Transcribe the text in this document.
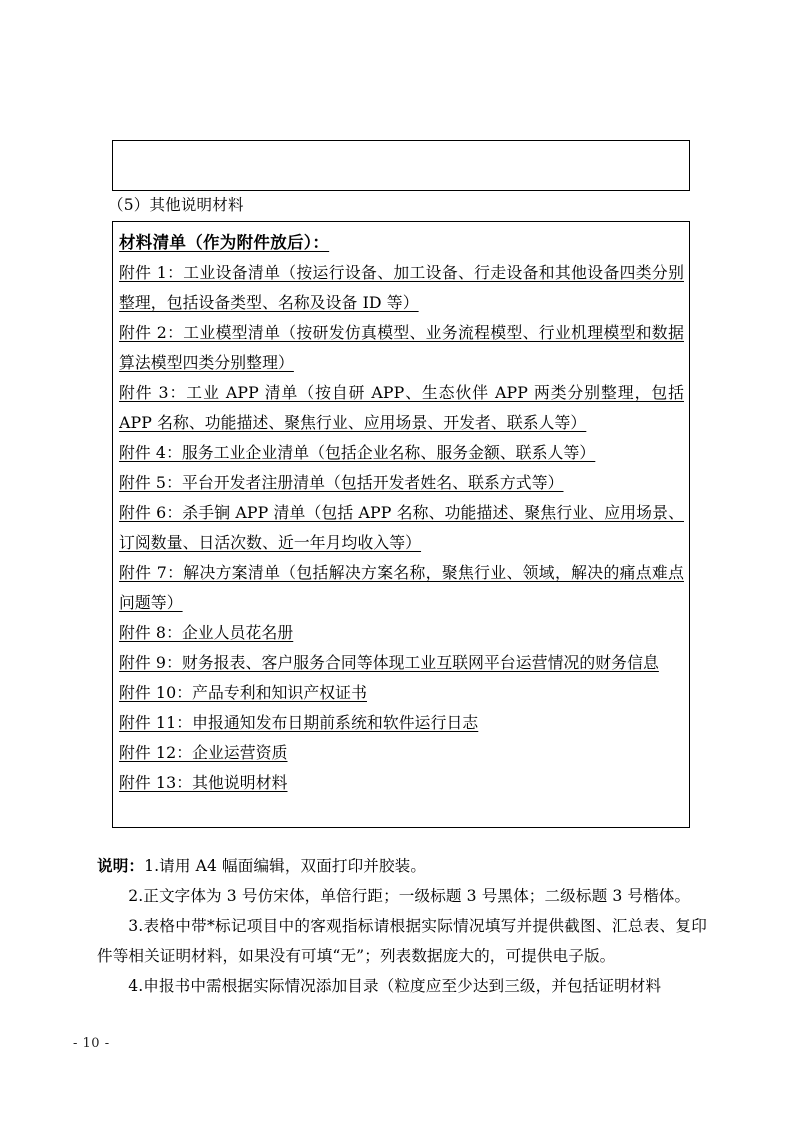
（5）其他说明材料
材料清单（作为附件放后）：
附件 1：工业设备清单（按运行设备、加工设备、行走设备和其他设备四类分别整理，包括设备类型、名称及设备 ID 等）
附件 2：工业模型清单（按研发仿真模型、业务流程模型、行业机理模型和数据算法模型四类分别整理）
附件 3：工业 APP 清单（按自研 APP、生态伙伴 APP 两类分别整理，包括 APP 名称、功能描述、聚焦行业、应用场景、开发者、联系人等）
附件 4：服务工业企业清单（包括企业名称、服务金额、联系人等）
附件 5：平台开发者注册清单（包括开发者姓名、联系方式等）
附件 6：杀手锏 APP 清单（包括 APP 名称、功能描述、聚焦行业、应用场景、订阅数量、日活次数、近一年月均收入等）
附件 7：解决方案清单（包括解决方案名称，聚焦行业、领域，解决的痛点难点问题等）
附件 8：企业人员花名册
附件 9：财务报表、客户服务合同等体现工业互联网平台运营情况的财务信息
附件 10：产品专利和知识产权证书
附件 11：申报通知发布日期前系统和软件运行日志
附件 12：企业运营资质
附件 13：其他说明材料

说明：1.请用 A4 幅面编辑，双面打印并胶装。

2.正文字体为 3 号仿宋体，单倍行距；一级标题 3 号黑体；二级标题 3 号楷体。

3.表格中带*标记项目中的客观指标请根据实际情况填写并提供截图、汇总表、复印件等相关证明材料，如果没有可填“无”；列表数据庞大的，可提供电子版。

4.申报书中需根据实际情况添加目录（粒度应至少达到三级，并包括证明材料

- 10 -
